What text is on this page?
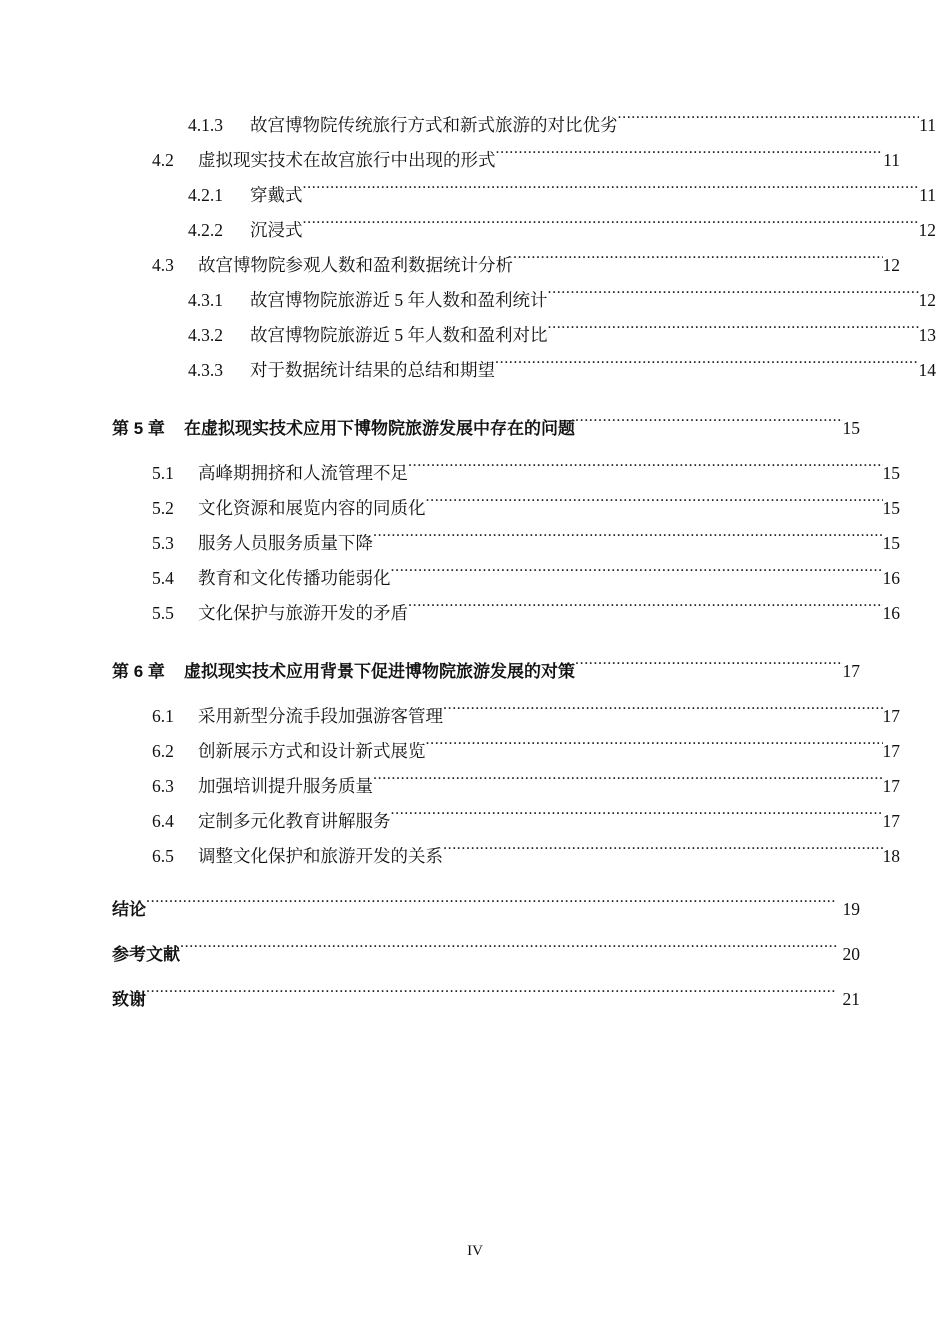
4.1.3	故宫博物院传统旅行方式和新式旅游的对比优劣 .....	11
4.2	虚拟现实技术在故宫旅行中出现的形式 .....	11
4.2.1	穿戴式 .....	11
4.2.2	沉浸式 .....	12
4.3	故宫博物院参观人数和盈利数据统计分析 .....	12
4.3.1	故宫博物院旅游近 5 年人数和盈利统计 .....	12
4.3.2	故宫博物院旅游近 5 年人数和盈利对比 .....	13
4.3.3	对于数据统计结果的总结和期望 .....	14
第 5 章	在虚拟现实技术应用下博物院旅游发展中存在的问题 .....	15
5.1	高峰期拥挤和人流管理不足 .....	15
5.2	文化资源和展览内容的同质化 .....	15
5.3	服务人员服务质量下降 .....	15
5.4	教育和文化传播功能弱化 .....	16
5.5	文化保护与旅游开发的矛盾 .....	16
第 6 章	虚拟现实技术应用背景下促进博物院旅游发展的对策 .....	17
6.1	采用新型分流手段加强游客管理 .....	17
6.2	创新展示方式和设计新式展览 .....	17
6.3	加强培训提升服务质量 .....	17
6.4	定制多元化教育讲解服务 .....	17
6.5	调整文化保护和旅游开发的关系 .....	18
结论 .....	19
参考文献 .....	20
致谢 .....	21
IV
